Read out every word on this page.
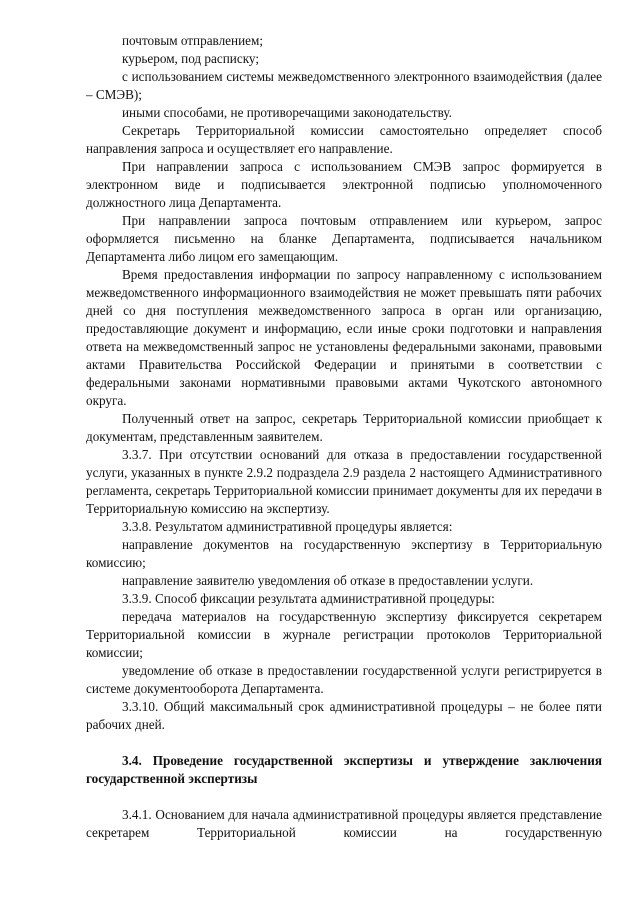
почтовым отправлением;

курьером, под расписку;

с использованием системы межведомственного электронного взаимодействия (далее – СМЭВ);

иными способами, не противоречащими законодательству.

Секретарь Территориальной комиссии самостоятельно определяет способ направления запроса и осуществляет его направление.

При направлении запроса с использованием СМЭВ запрос формируется в электронном виде и подписывается электронной подписью уполномоченного должностного лица Департамента.

При направлении запроса почтовым отправлением или курьером, запрос оформляется письменно на бланке Департамента, подписывается начальником Департамента либо лицом его замещающим.

Время предоставления информации по запросу направленному с использованием межведомственного информационного взаимодействия не может превышать пяти рабочих дней со дня поступления межведомственного запроса в орган или организацию, предоставляющие документ и информацию, если иные сроки подготовки и направления ответа на межведомственный запрос не установлены федеральными законами, правовыми актами Правительства Российской Федерации и принятыми в соответствии с федеральными законами нормативными правовыми актами Чукотского автономного округа.

Полученный ответ на запрос, секретарь Территориальной комиссии приобщает к документам, представленным заявителем.

3.3.7. При отсутствии оснований для отказа в предоставлении государственной услуги, указанных в пункте 2.9.2 подраздела 2.9 раздела 2 настоящего Административного регламента, секретарь Территориальной комиссии принимает документы для их передачи в Территориальную комиссию на экспертизу.

3.3.8. Результатом административной процедуры является:

направление документов на государственную экспертизу в Территориальную комиссию;

направление заявителю уведомления об отказе в предоставлении услуги.

3.3.9. Способ фиксации результата административной процедуры:

передача материалов на государственную экспертизу фиксируется секретарем Территориальной комиссии в журнале регистрации протоколов Территориальной комиссии;

уведомление об отказе в предоставлении государственной услуги регистрируется в системе документооборота Департамента.

3.3.10. Общий максимальный срок административной процедуры – не более пяти рабочих дней.

3.4. Проведение государственной экспертизы и утверждение заключения государственной экспертизы

3.4.1. Основанием для начала административной процедуры является представление секретарем Территориальной комиссии на государственную
